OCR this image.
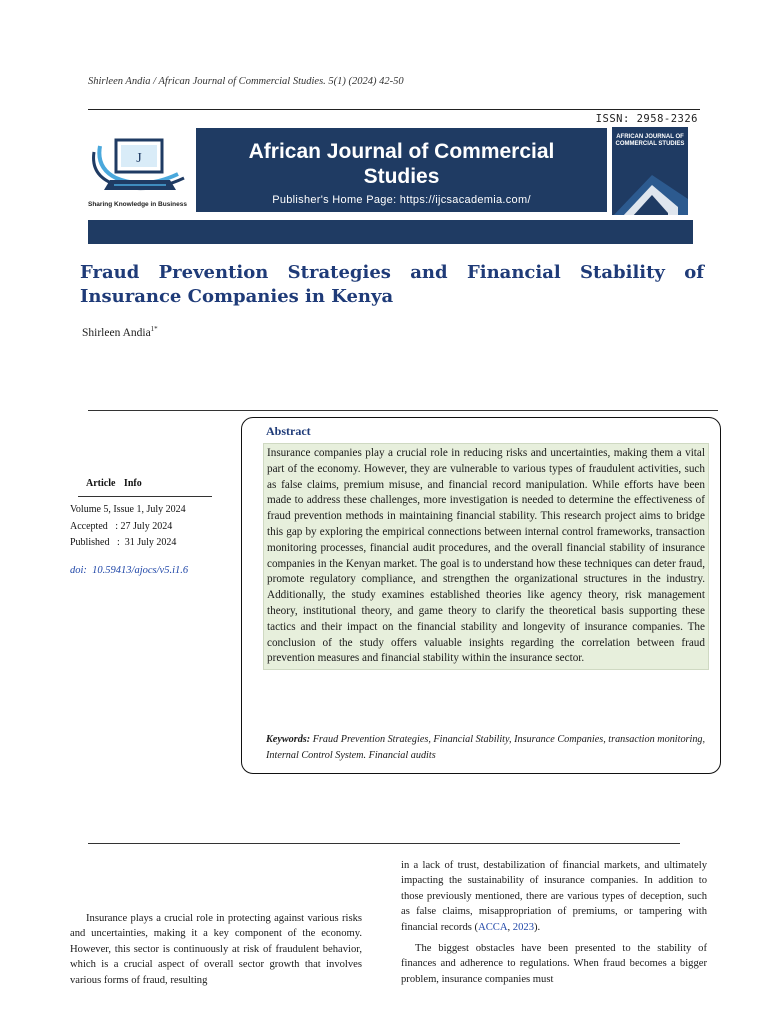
Shirleen Andia / African Journal of Commercial Studies. 5(1) (2024) 42-50
ISSN: 2958-2326
J
Sharing Knowledge in Business
African Journal of Commercial
Studies
Publisher's Home Page: https://ijcsacademia.com/
AFRICAN JOURNAL OF COMMERCIAL STUDIES
Fraud Prevention Strategies and Financial Stability of Insurance Companies in Kenya
Shirleen Andia$^{1*}$
Article Info
Volume 5, Issue 1, July 2024
Accepted   : 27 July 2024
Published   :  31 July 2024
doi:  10.59413/ajocs/v5.i1.6
Abstract
Insurance companies play a crucial role in reducing risks and uncertainties, making them a vital part of the economy. However, they are vulnerable to various types of fraudulent activities, such as false claims, premium misuse, and financial record manipulation. While efforts have been made to address these challenges, more investigation is needed to determine the effectiveness of fraud prevention methods in maintaining financial stability. This research project aims to bridge this gap by exploring the empirical connections between internal control frameworks, transaction monitoring processes, financial audit procedures, and the overall financial stability of insurance companies in the Kenyan market. The goal is to understand how these techniques can deter fraud, promote regulatory compliance, and strengthen the organizational structures in the industry. Additionally, the study examines established theories like agency theory, risk management theory, institutional theory, and game theory to clarify the theoretical basis supporting these tactics and their impact on the financial stability and longevity of insurance companies. The conclusion of the study offers valuable insights regarding the correlation between fraud prevention measures and financial stability within the insurance sector.
Keywords: Fraud Prevention Strategies, Financial Stability, Insurance Companies, transaction monitoring, Internal Control System. Financial audits

Insurance plays a crucial role in protecting against various risks and uncertainties, making it a key component of the economy. However, this sector is continuously at risk of fraudulent behavior, which is a crucial aspect of overall sector growth that involves various forms of fraud, resulting

in a lack of trust, destabilization of financial markets, and ultimately impacting the sustainability of insurance companies. In addition to those previously mentioned, there are various types of deception, such as false claims, misappropriation of premiums, or tampering with financial records (ACCA, 2023).

The biggest obstacles have been presented to the stability of finances and adherence to regulations. When fraud becomes a bigger problem, insurance companies must
